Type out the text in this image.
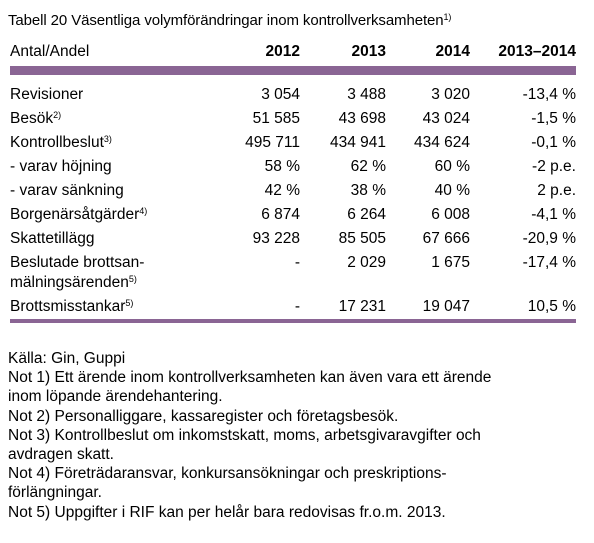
Tabell 20 Väsentliga volymförändringar inom kontrollverksamheten$^{1)}$
Antal/Andel	2012	2013	2014	2013–2014

Revisioner	3 054	3 488	3 020	-13,4 %
Besök$^{2)}$	51 585	43 698	43 024	-1,5 %
Kontrollbeslut$^{3)}$	495 711	434 941	434 624	-0,1 %
- varav höjning	58 %	62 %	60 %	-2 p.e.
- varav sänkning	42 %	38 %	40 %	2 p.e.
Borgenärsåtgärder$^{4)}$	6 874	6 264	6 008	-4,1 %
Skattetillägg	93 228	85 505	67 666	-20,9 %
Beslutade brottsan-
mälningsärenden$^{5)}$	-	2 029	1 675	-17,4 %
Brottsmisstankar$^{5)}$	-	17 231	19 047	10,5 %

Källa: Gin, Guppi
Not 1) Ett ärende inom kontrollverksamheten kan även vara ett ärende
inom löpande ärendehantering.
Not 2) Personalliggare, kassaregister och företagsbesök.
Not 3) Kontrollbeslut om inkomstskatt, moms, arbetsgivaravgifter och
avdragen skatt.
Not 4) Företrädaransvar, konkursansökningar och preskriptions-
förlängningar.
Not 5) Uppgifter i RIF kan per helår bara redovisas fr.o.m. 2013.
